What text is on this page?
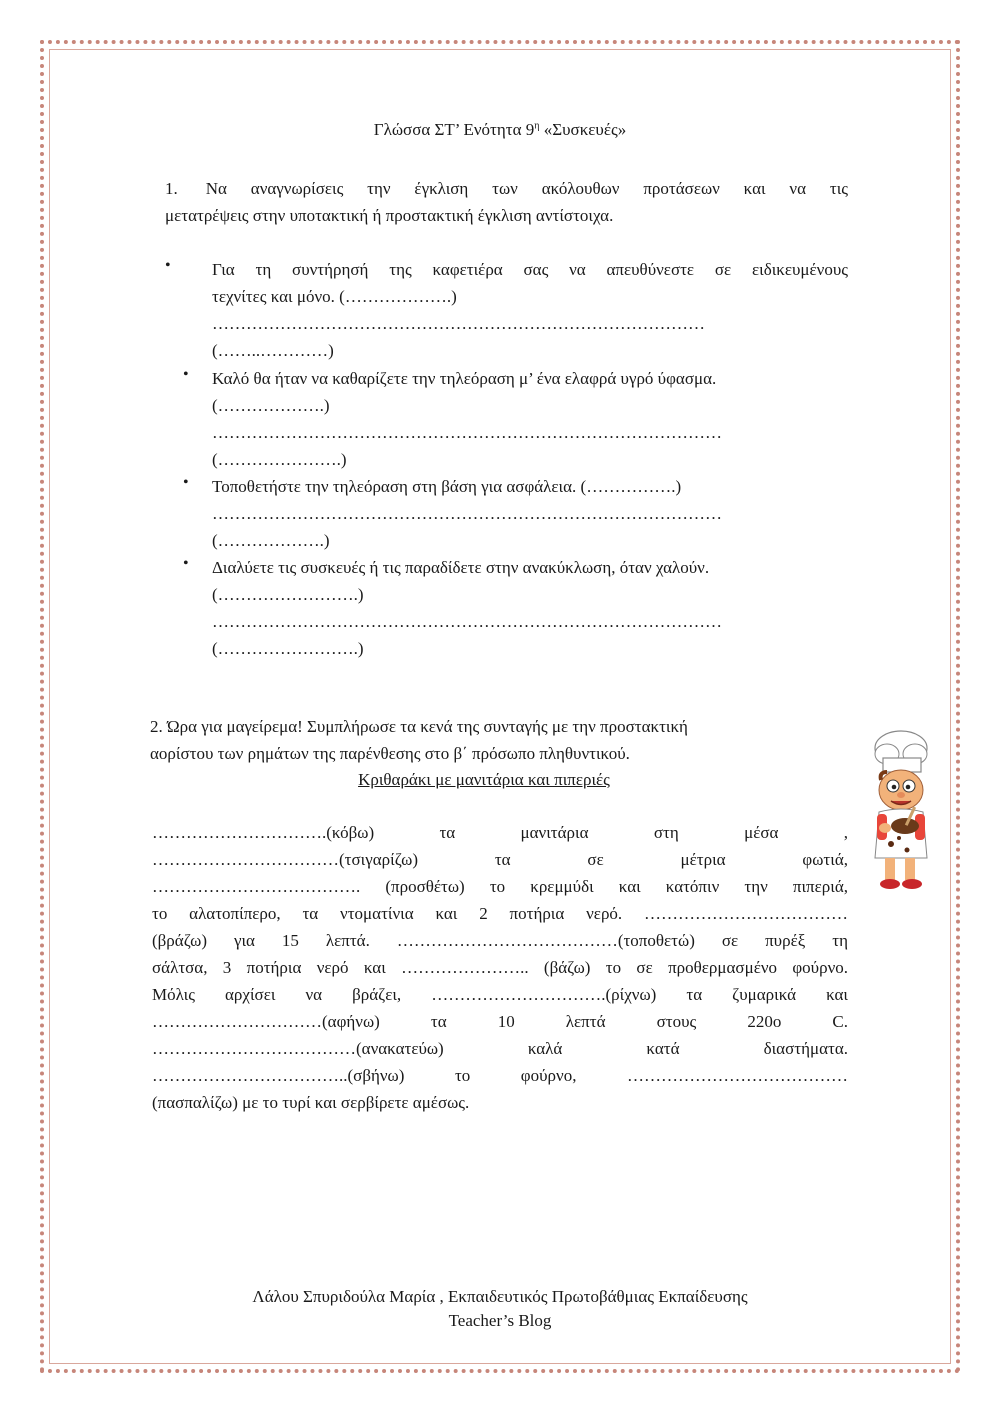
Γλώσσα ΣΤ’ Ενότητα $9^\eta$ «Συσκευές»
1. Να αναγνωρίσεις την έγκλιση των ακόλουθων προτάσεων και να τις
μετατρέψεις στην υποτακτική ή προστακτική έγκλιση αντίστοιχα.
• Για τη συντήρησή της καφετιέρα σας να απευθύνεστε σε ειδικευμένους
τεχνίτες και μόνο. (……………….)
……………………………………………………………………………
(……..…………)
• Καλό θα ήταν να καθαρίζετε την τηλεόραση μ’ ένα ελαφρά υγρό ύφασμα.
(……………….)
………………………………………………………………………………
(………………….)
• Τοποθετήστε την τηλεόραση στη βάση για ασφάλεια. (…………….)
………………………………………………………………………………
(……………….)
• Διαλύετε τις συσκευές ή τις παραδίδετε στην ανακύκλωση, όταν χαλούν.
(…………………….)
………………………………………………………………………………
(…………………….)
2. Ώρα για μαγείρεμα! Συμπλήρωσε τα κενά της συνταγής με την προστακτική
αορίστου των ρημάτων της παρένθεσης στο β΄ πρόσωπο πληθυντικού.
Κριθαράκι με μανιτάρια και πιπεριές
………………………….(κόβω) τα μανιτάρια στη μέσα ,
……………………………(τσιγαρίζω) τα σε μέτρια φωτιά,
………………………………. (προσθέτω) το κρεμμύδι και κατόπιν την πιπεριά,
το αλατοπίπερο, τα ντοματίνια και 2 ποτήρια νερό. ………………………………
(βράζω) για 15 λεπτά. …………………………………(τοποθετώ) σε πυρέξ τη
σάλτσα, 3 ποτήρια νερό και ………………….. (βάζω) το σε προθερμασμένο φούρνο.
Μόλις αρχίσει να βράζει, ………………………….(ρίχνω) τα ζυμαρικά και
…………………………(αφήνω) τα 10 λεπτά στους 220ο C.
………………………………(ανακατεύω) καλά κατά διαστήματα.
……………………………..(σβήνω) το φούρνο, …………………………………
(πασπαλίζω) με το τυρί και σερβίρετε αμέσως.
Λάλου Σπυριδούλα Μαρία , Εκπαιδευτικός Πρωτοβάθμιας Εκπαίδευσης
Teacher’s Blog
